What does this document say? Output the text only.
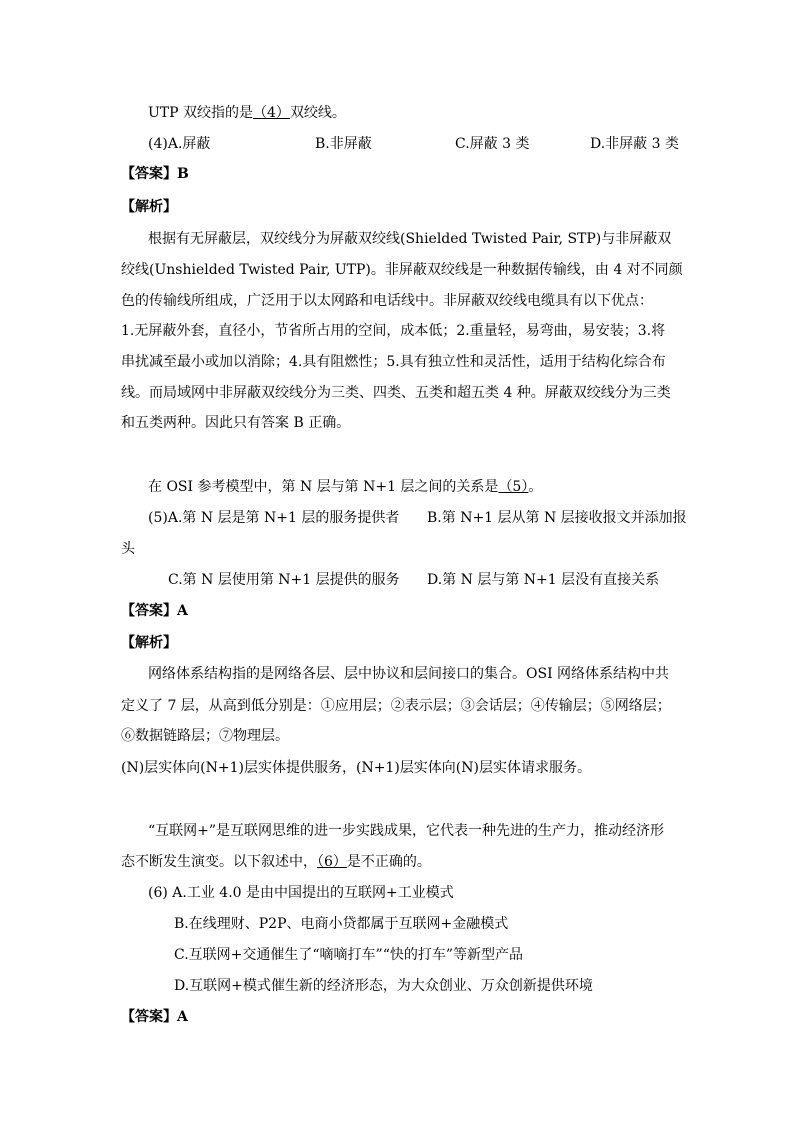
UTP 双绞指的是（4）双绞线。
(4)A.屏蔽	B.非屏蔽	C.屏蔽 3 类	D.非屏蔽 3 类
【答案】B
【解析】
根据有无屏蔽层，双绞线分为屏蔽双绞线(Shielded Twisted Pair, STP)与非屏蔽双
绞线(Unshielded Twisted Pair, UTP)。非屏蔽双绞线是一种数据传输线，由 4 对不同颜
色的传输线所组成，广泛用于以太网路和电话线中。非屏蔽双绞线电缆具有以下优点：
1.无屏蔽外套，直径小，节省所占用的空间，成本低；2.重量轻，易弯曲，易安装；3.将
串扰减至最小或加以消除；4.具有阻燃性；5.具有独立性和灵活性，适用于结构化综合布
线。而局域网中非屏蔽双绞线分为三类、四类、五类和超五类 4 种。屏蔽双绞线分为三类
和五类两种。因此只有答案 B 正确。
在 OSI 参考模型中，第 N 层与第 N+1 层之间的关系是（5）。
(5)A.第 N 层是第 N+1 层的服务提供者 B.第 N+1 层从第 N 层接收报文并添加报
头
C.第 N 层使用第 N+1 层提供的服务 D.第 N 层与第 N+1 层没有直接关系
【答案】A
【解析】
网络体系结构指的是网络各层、层中协议和层间接口的集合。OSI 网络体系结构中共
定义了 7 层，从高到低分别是：①应用层；②表示层；③会话层；④传输层；⑤网络层；
⑥数据链路层；⑦物理层。
(N)层实体向(N+1)层实体提供服务，(N+1)层实体向(N)层实体请求服务。
“互联网+”是互联网思维的进一步实践成果，它代表一种先进的生产力，推动经济形
态不断发生演变。以下叙述中，（6）是不正确的。
(6) A.工业 4.0 是由中国提出的互联网+工业模式
B.在线理财、P2P、电商小贷都属于互联网+金融模式
C.互联网+交通催生了“嘀嘀打车”“快的打车”等新型产品
D.互联网+模式催生新的经济形态，为大众创业、万众创新提供环境
【答案】A
